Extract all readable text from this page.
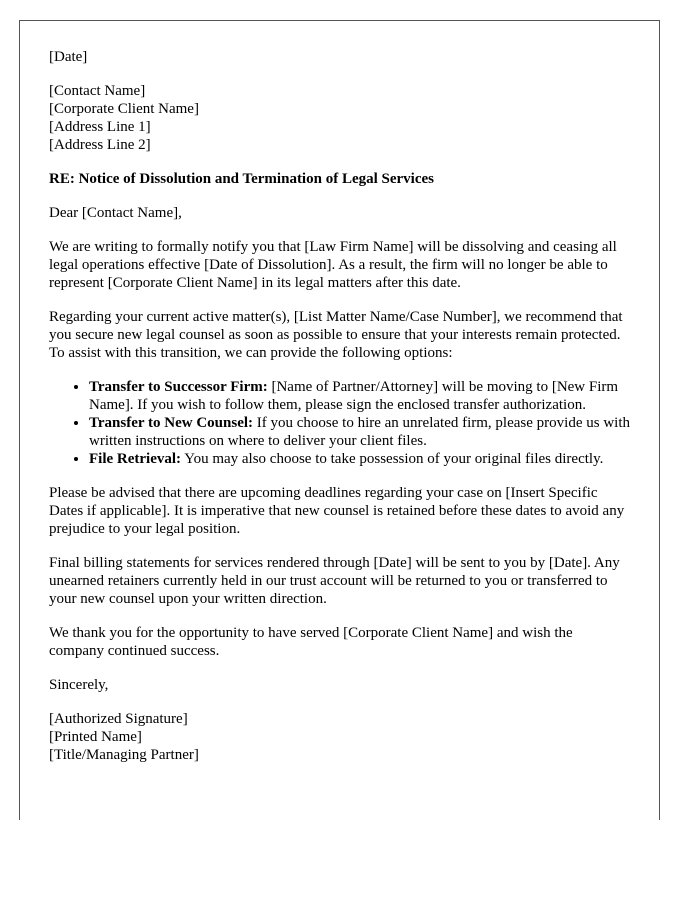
[Date]

[Contact Name]
[Corporate Client Name]
[Address Line 1]
[Address Line 2]

RE: Notice of Dissolution and Termination of Legal Services

Dear [Contact Name],

We are writing to formally notify you that [Law Firm Name] will be dissolving and ceasing all legal operations effective [Date of Dissolution]. As a result, the firm will no longer be able to represent [Corporate Client Name] in its legal matters after this date.

Regarding your current active matter(s), [List Matter Name/Case Number], we recommend that you secure new legal counsel as soon as possible to ensure that your interests remain protected. To assist with this transition, we can provide the following options:

• Transfer to Successor Firm: [Name of Partner/Attorney] will be moving to [New Firm Name]. If you wish to follow them, please sign the enclosed transfer authorization.
• Transfer to New Counsel: If you choose to hire an unrelated firm, please provide us with written instructions on where to deliver your client files.
• File Retrieval: You may also choose to take possession of your original files directly.

Please be advised that there are upcoming deadlines regarding your case on [Insert Specific Dates if applicable]. It is imperative that new counsel is retained before these dates to avoid any prejudice to your legal position.

Final billing statements for services rendered through [Date] will be sent to you by [Date]. Any unearned retainers currently held in our trust account will be returned to you or transferred to your new counsel upon your written direction.

We thank you for the opportunity to have served [Corporate Client Name] and wish the company continued success.

Sincerely,

[Authorized Signature]
[Printed Name]
[Title/Managing Partner]
